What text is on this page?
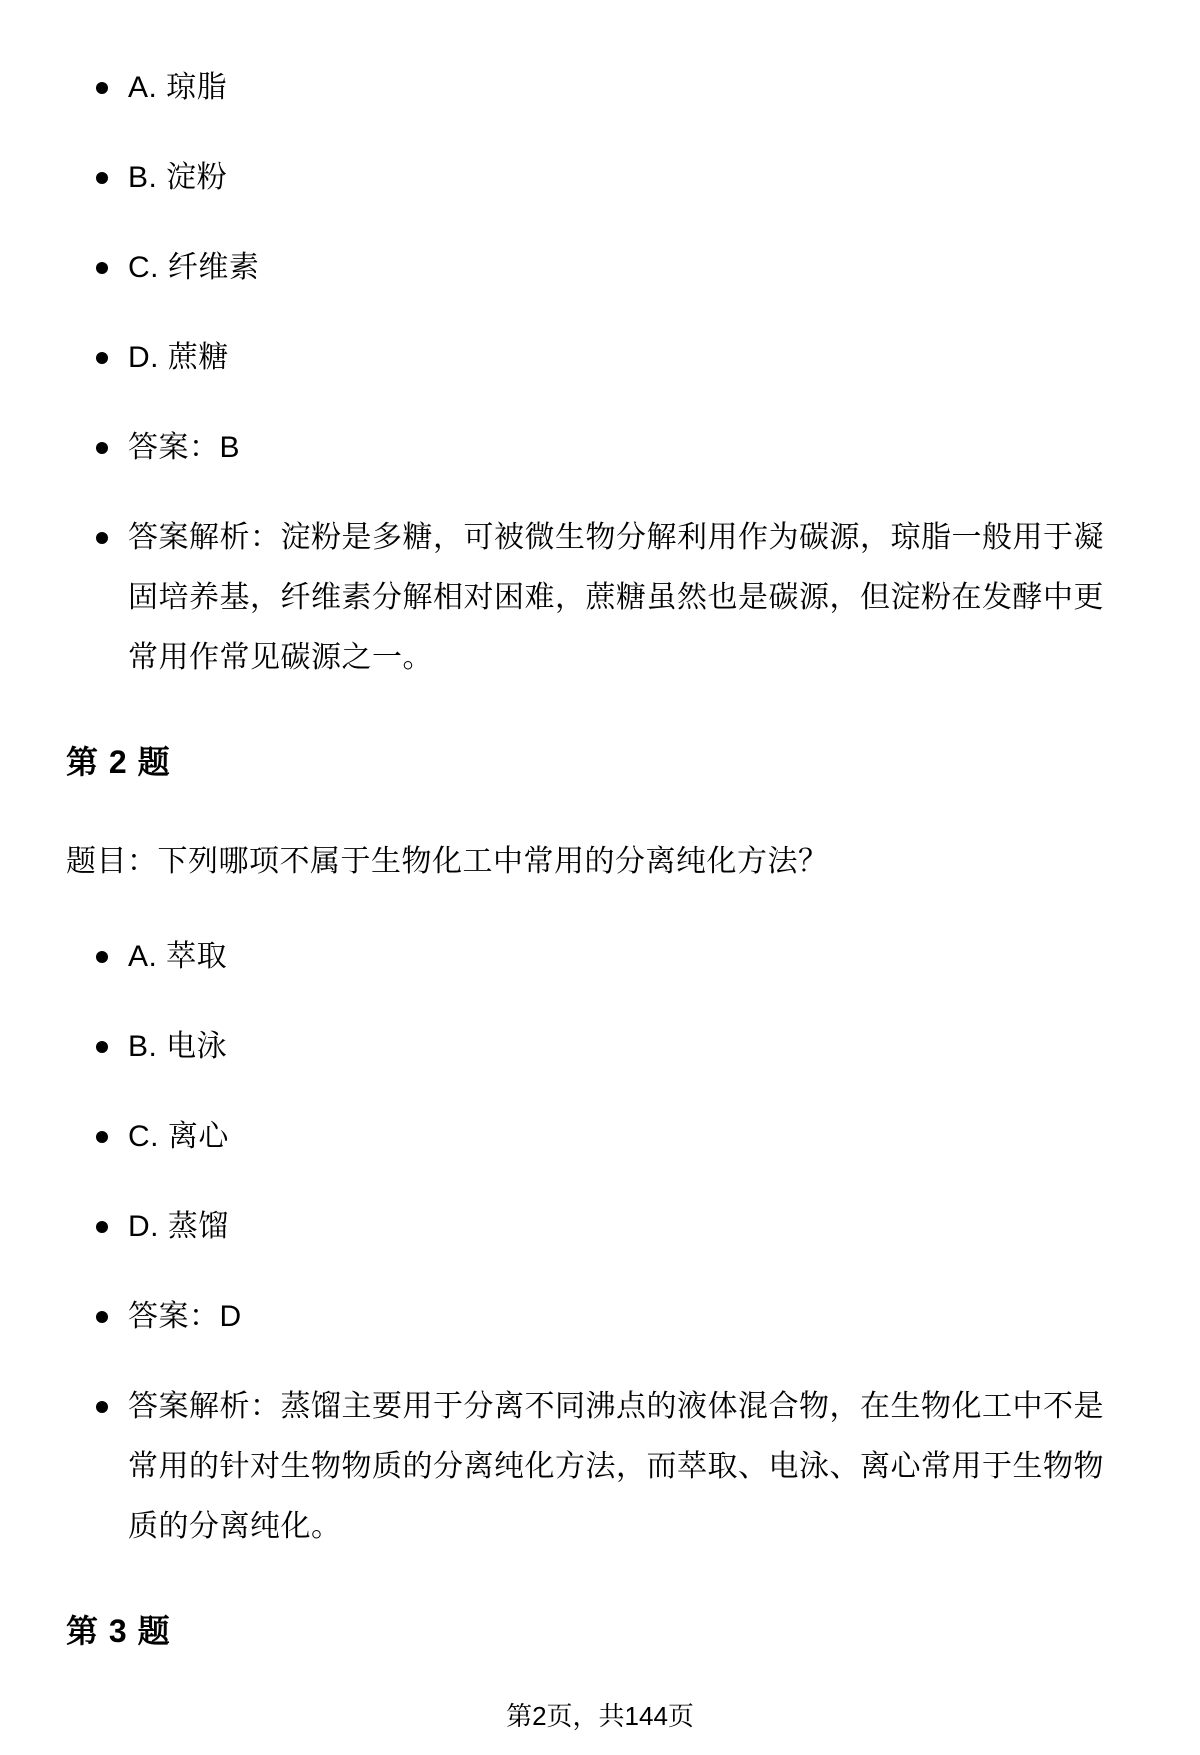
A. 琼脂
B. 淀粉
C. 纤维素
D. 蔗糖
答案：B
答案解析：淀粉是多糖，可被微生物分解利用作为碳源，琼脂一般用于凝固培养基，纤维素分解相对困难，蔗糖虽然也是碳源，但淀粉在发酵中更常用作常见碳源之一。
第 2 题

题目：下列哪项不属于生物化工中常用的分离纯化方法？

A. 萃取
B. 电泳
C. 离心
D. 蒸馏
答案：D
答案解析：蒸馏主要用于分离不同沸点的液体混合物，在生物化工中不是常用的针对生物物质的分离纯化方法，而萃取、电泳、离心常用于生物物质的分离纯化。
第 3 题
第2页，共144页
